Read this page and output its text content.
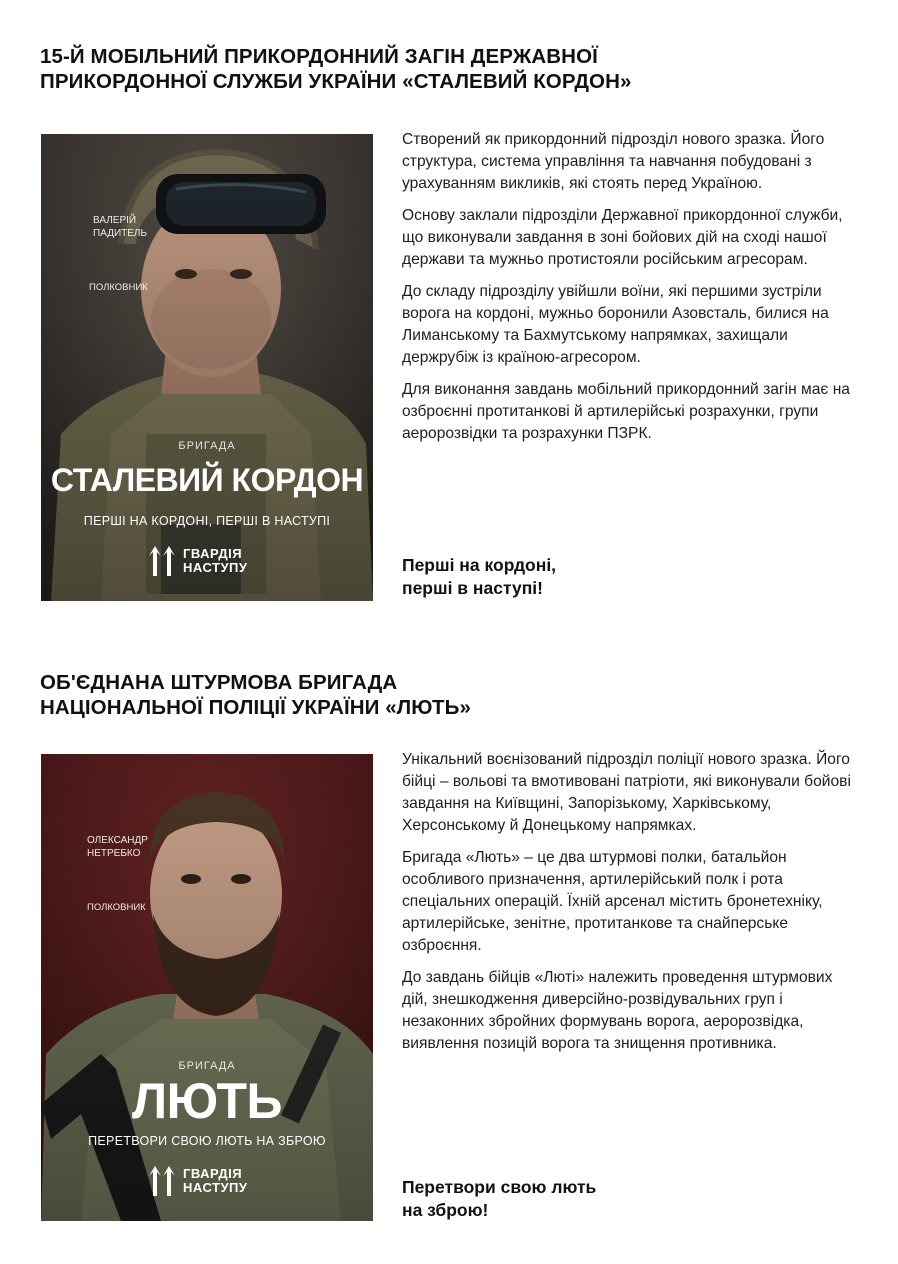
15-Й МОБІЛЬНИЙ ПРИКОРДОННИЙ ЗАГІН ДЕРЖАВНОЇ
ПРИКОРДОННОЇ СЛУЖБИ УКРАЇНИ «СТАЛЕВИЙ КОРДОН»
ВАЛЕРІЙ
ПАДИТЕЛЬ
ПОЛКОВНИК
БРИГАДА
СТАЛЕВИЙ КОРДОН
ПЕРШІ НА КОРДОНІ, ПЕРШІ В НАСТУПІ
ГВАРДІЯ
НАСТУПУ

Створений як прикордонний підрозділ нового зразка. Його структура, система управління та навчання побудовані з урахуванням викликів, які стоять перед Україною.

Основу заклали підрозділи Державної прикордонної служби, що виконували завдання в зоні бойових дій на сході нашої держави та мужньо протистояли російським агресорам.

До складу підрозділу увійшли воїни, які першими зустріли ворога на кордоні, мужньо боронили Азовсталь, билися на Лиманському та Бахмутському напрямках, захищали держрубіж із країною-агресором.

Для виконання завдань мобільний прикордонний загін має на озброєнні протитанкові й артилерійські розрахунки, групи аеророзвідки та розрахунки ПЗРК.

Перші на кордоні,
перші в наступі!
ОБ'ЄДНАНА ШТУРМОВА БРИГАДА
НАЦІОНАЛЬНОЇ ПОЛІЦІЇ УКРАЇНИ «ЛЮТЬ»
ОЛЕКСАНДР
НЕТРЕБКО
ПОЛКОВНИК
БРИГАДА
ЛЮТЬ
ПЕРЕТВОРИ СВОЮ ЛЮТЬ НА ЗБРОЮ
ГВАРДІЯ
НАСТУПУ

Унікальний воєнізований підрозділ поліції нового зразка. Його бійці – вольові та вмотивовані патріоти, які виконували бойові завдання на Київщині, Запорізькому, Харківському, Херсонському й Донецькому напрямках.

Бригада «Лють» – це два штурмові полки, батальйон особливого призначення, артилерійський полк і рота спеціальних операцій. Їхній арсенал містить бронетехніку, артилерійське, зенітне, протитанкове та снайперське озброєння.

До завдань бійців «Люті» належить проведення штурмових дій, знешкодження диверсійно-розвідувальних груп і незаконних збройних формувань ворога, аеророзвідка, виявлення позицій ворога та знищення противника.

Перетвори свою лють
на зброю!
